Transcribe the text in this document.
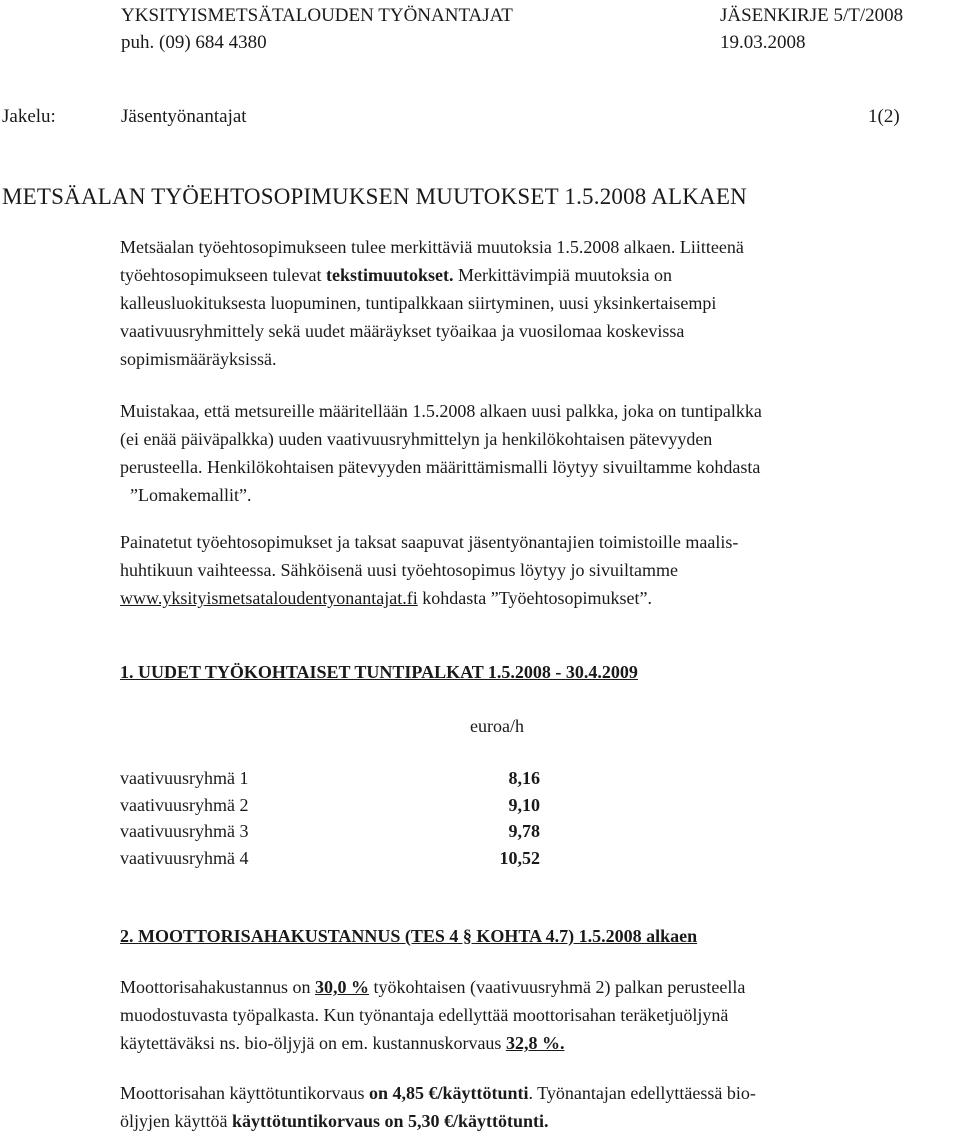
YKSITYISMETSÄTALOUDEN TYÖNANTAJAT	JÄSENKIRJE 5/T/2008
puh. (09) 684 4380	19.03.2008
Jakelu:	Jäsentyönantajat	1(2)
METSÄALAN TYÖEHTOSOPIMUKSEN MUUTOKSET 1.5.2008 ALKAEN
Metsäalan työehtosopimukseen tulee merkittäviä muutoksia 1.5.2008 alkaen. Liitteenä
työehtosopimukseen tulevat tekstimuutokset. Merkittävimpiä muutoksia on
kalleusluokituksesta luopuminen, tuntipalkkaan siirtyminen, uusi yksinkertaisempi
vaativuusryhmittely sekä uudet määräykset työaikaa ja vuosilomaa koskevissa
sopimismääräyksissä.
Muistakaa, että metsureille määritellään 1.5.2008 alkaen uusi palkka, joka on tuntipalkka
(ei enää päiväpalkka) uuden vaativuusryhmittelyn ja henkilökohtaisen pätevyyden
perusteella. Henkilökohtaisen pätevyyden määrittämismalli löytyy sivuiltamme kohdasta
”Lomakemallit”.
Painatetut työehtosopimukset ja taksat saapuvat jäsentyönantajien toimistoille maalis-
huhtikuun vaihteessa. Sähköisenä uusi työehtosopimus löytyy jo sivuiltamme
www.yksityismetsataloudentyonantajat.fi kohdasta ”Työehtosopimukset”.
1. UUDET TYÖKOHTAISET TUNTIPALKAT 1.5.2008 - 30.4.2009
euroa/h
vaativuusryhmä 1	8,16
vaativuusryhmä 2	9,10
vaativuusryhmä 3	9,78
vaativuusryhmä 4	10,52
2. MOOTTORISAHAKUSTANNUS (TES 4 § KOHTA 4.7) 1.5.2008 alkaen
Moottorisahakustannus on 30,0 % työkohtaisen (vaativuusryhmä 2) palkan perusteella
muodostuvasta työpalkasta. Kun työnantaja edellyttää moottorisahan teräketjuöljynä
käytettäväksi ns. bio-öljyjä on em. kustannuskorvaus 32,8 %.
Moottorisahan käyttötuntikorvaus on 4,85 €/käyttötunti. Työnantajan edellyttäessä bio-
öljyjen käyttöä käyttötuntikorvaus on 5,30 €/käyttötunti.
